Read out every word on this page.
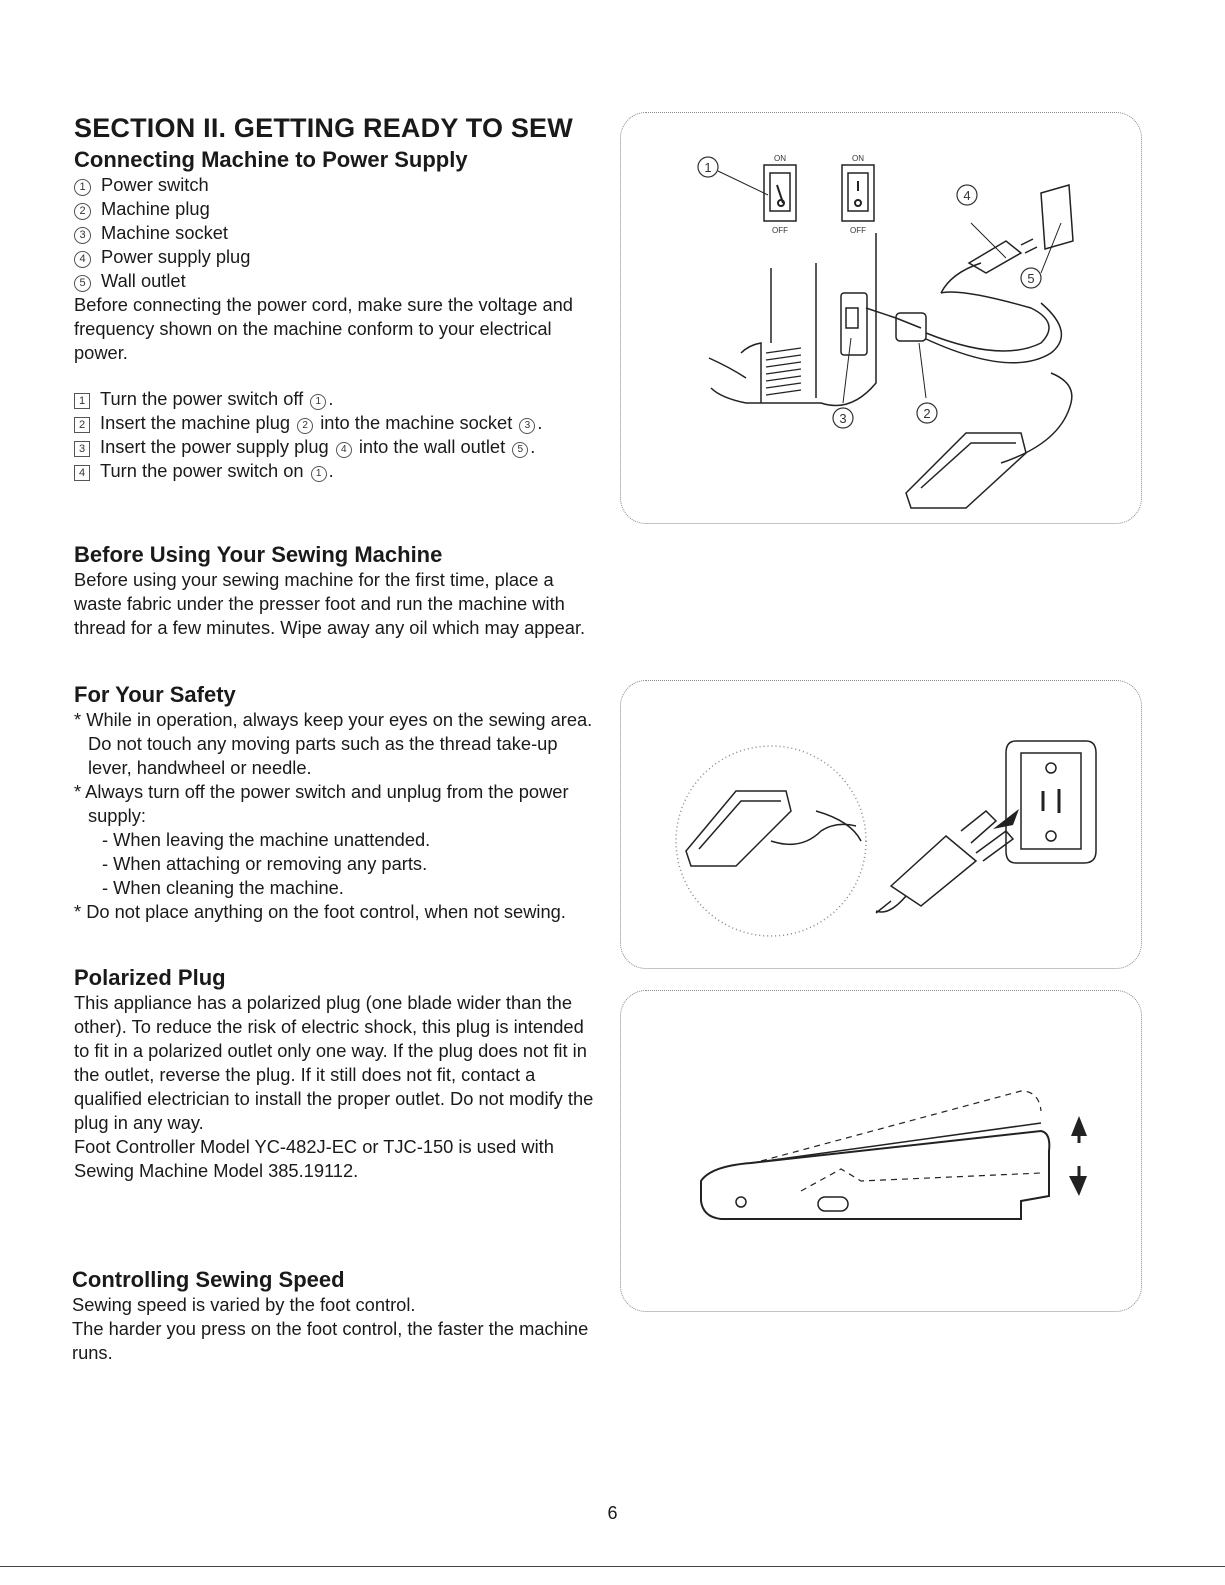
SECTION II. GETTING READY TO SEW
Connecting Machine to Power Supply
1 Power switch
2 Machine plug
3 Machine socket
4 Power supply plug
5 Wall outlet

Before connecting the power cord, make sure the voltage and frequency shown on the machine conform to your electrical power.

1 Turn the power switch off 1 .
2 Insert the machine plug 2 into the machine socket 3 .
3 Insert the power supply plug 4 into the wall outlet 5 .
4 Turn the power switch on 1 .
Before Using Your Sewing Machine

Before using your sewing machine for the first time, place a waste fabric under the presser foot and run the machine with thread for a few minutes. Wipe away any oil which may appear.

For Your Safety
* While in operation, always keep your eyes on the sewing area. Do not touch any moving parts such as the thread take-up lever, handwheel or needle.
* Always turn off the power switch and unplug from the power supply:
- When leaving the machine unattended.
- When attaching or removing any parts.
- When cleaning the machine.
* Do not place anything on the foot control, when not sewing.
Polarized Plug

This appliance has a polarized plug (one blade wider than the other). To reduce the risk of electric shock, this plug is intended to fit in a polarized outlet only one way. If the plug does not fit in the outlet, reverse the plug. If it still does not fit, contact a qualified electrician to install the proper outlet. Do not modify the plug in any way.

Foot Controller Model YC-482J-EC or TJC-150 is used with Sewing Machine Model 385.19112.

Controlling Sewing Speed

Sewing speed is varied by the foot control.

The harder you press on the foot control, the faster the machine runs.

1
4
5
3	2
ON
OFF
ON
OFF
6
